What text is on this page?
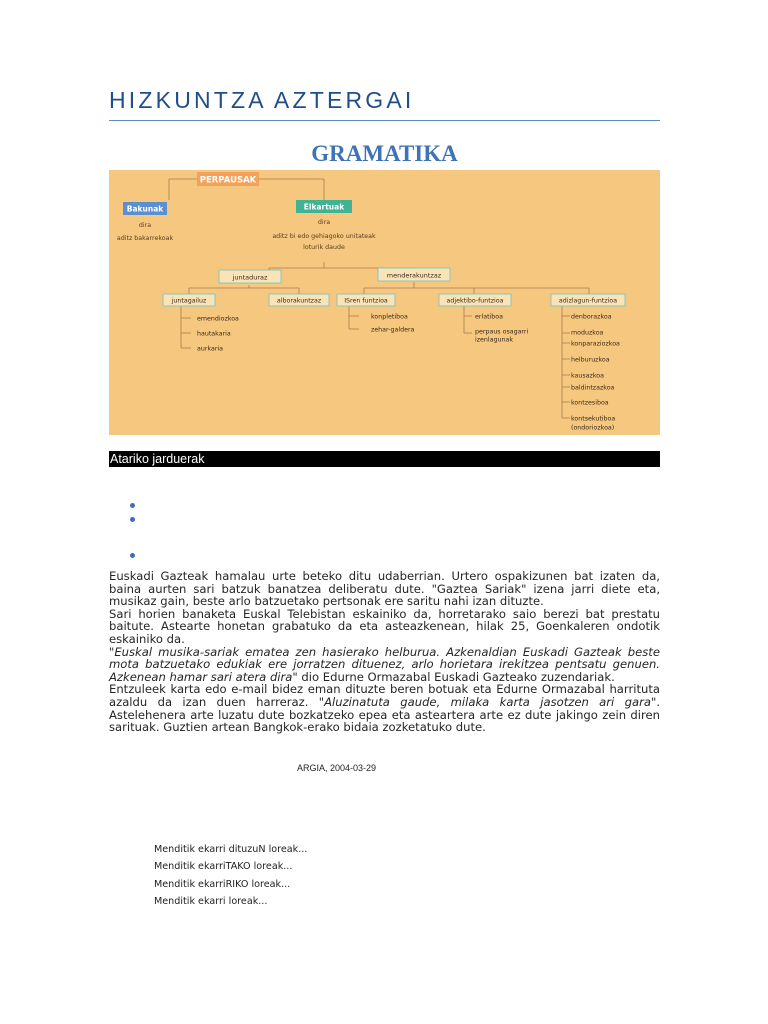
HIZKUNTZA AZTERGAI
GRAMATIKA
PERPAUSAK
Bakunak
dira
aditz bakarrekoak
Elkartuak
dira
aditz bi edo gehiagoko unitateak
loturik daude
juntaduraz	menderakuntzaz
juntagailuz	alborakuntzaz	ISren funtzioa	adjektibo-funtzioa	adizlagun-funtzioa
emendiozkoa
hautakaria
aurkaria
konpletiboa
zehar-galdera
erlatiboa
perpaus osagarri
izenlagunak
denborazkoa
moduzkoa
konparaziozkoa
helburuzkoa
kausazkoa
baldintzazkoa
kontzesiboa
kontsekutiboa
(ondoriozkoa)
Atariko jarduerak

Euskadi Gazteak hamalau urte beteko ditu udaberrian. Urtero ospakizunen bat izaten da, baina aurten sari batzuk banatzea deliberatu dute. "Gaztea Sariak" izena jarri diete eta, musikaz gain, beste arlo batzuetako pertsonak ere saritu nahi izan dituzte.

Sari horien banaketa Euskal Telebistan eskainiko da, horretarako saio berezi bat prestatu baitute. Astearte honetan grabatuko da eta asteazkenean, hilak 25, Goenkaleren ondotik eskainiko da.

"Euskal musika-sariak ematea zen hasierako helburua. Azkenaldian Euskadi Gazteak beste mota batzuetako edukiak ere jorratzen dituenez, arlo horietara irekitzea pentsatu genuen. Azkenean hamar sari atera dira" dio Edurne Ormazabal Euskadi Gazteako zuzendariak.

Entzuleek karta edo e-mail bidez eman dituzte beren botuak eta Edurne Ormazabal harrituta azaldu da izan duen harreraz. "Aluzinatuta gaude, milaka karta jasotzen ari gara". Astelehenera arte luzatu dute bozkatzeko epea eta asteartera arte ez dute jakingo zein diren sarituak. Guztien artean Bangkok-erako bidaia zozketatuko dute.

ARGIA, 2004-03-29
Menditik ekarri dituzuN loreak...
Menditik ekarriTAKO loreak...
Menditik ekarriRIKO loreak...
Menditik ekarri loreak...
